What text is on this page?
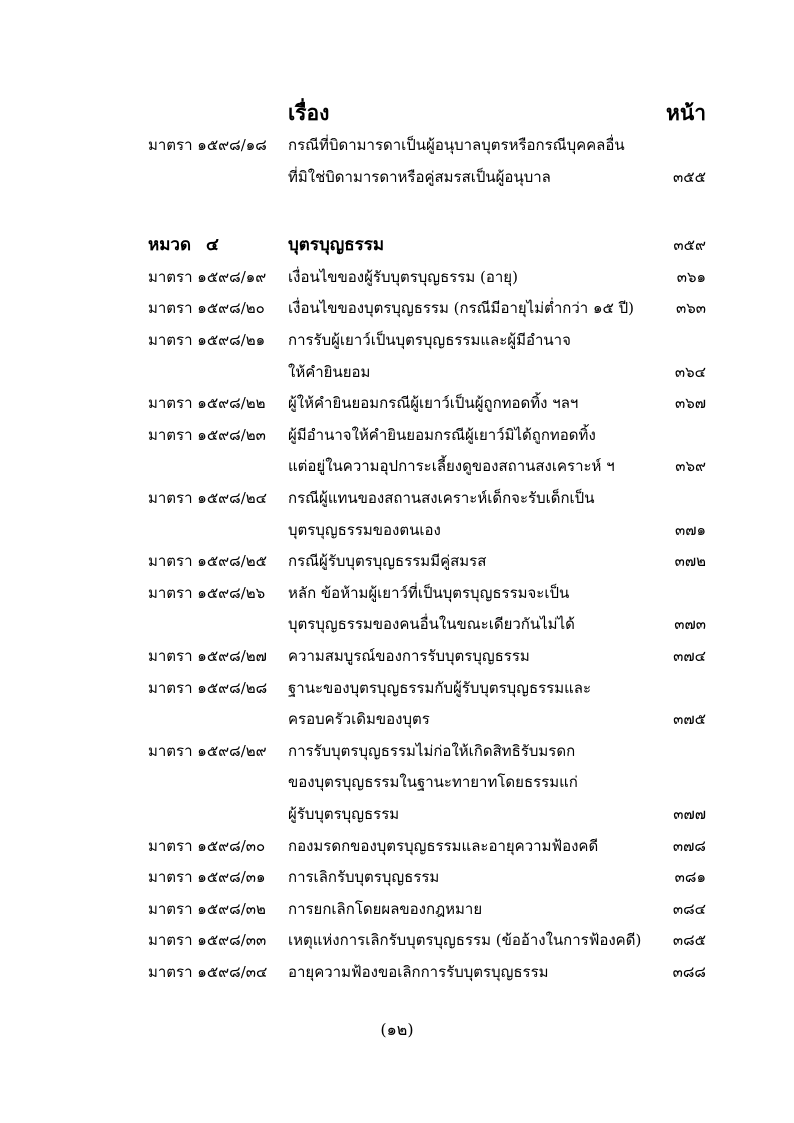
เรื่อง	หน้า
มาตรา ๑๕๙๘/๑๘ กรณีที่บิดามารดาเป็นผู้อนุบาลบุตรหรือกรณีบุคคลอื่น
ที่มิใช่บิดามารดาหรือคู่สมรสเป็นผู้อนุบาล	๓๕๕
หมวด ๔	บุตรบุญธรรม	๓๕๙
มาตรา ๑๕๙๘/๑๙ เงื่อนไขของผู้รับบุตรบุญธรรม (อายุ)	๓๖๑
มาตรา ๑๕๙๘/๒๐ เงื่อนไขของบุตรบุญธรรม (กรณีมีอายุไม่ต่ำกว่า ๑๕ ปี)	๓๖๓
มาตรา ๑๕๙๘/๒๑ การรับผู้เยาว์เป็นบุตรบุญธรรมและผู้มีอำนาจ
ให้คำยินยอม	๓๖๔
มาตรา ๑๕๙๘/๒๒ ผู้ให้คำยินยอมกรณีผู้เยาว์เป็นผู้ถูกทอดทิ้ง ฯลฯ	๓๖๗
มาตรา ๑๕๙๘/๒๓ ผู้มีอำนาจให้คำยินยอมกรณีผู้เยาว์มิได้ถูกทอดทิ้ง
แต่อยู่ในความอุปการะเลี้ยงดูของสถานสงเคราะห์ ฯ	๓๖๙
มาตรา ๑๕๙๘/๒๔ กรณีผู้แทนของสถานสงเคราะห์เด็กจะรับเด็กเป็น
บุตรบุญธรรมของตนเอง	๓๗๑
มาตรา ๑๕๙๘/๒๕ กรณีผู้รับบุตรบุญธรรมมีคู่สมรส	๓๗๒
มาตรา ๑๕๙๘/๒๖ หลัก ข้อห้ามผู้เยาว์ที่เป็นบุตรบุญธรรมจะเป็น
บุตรบุญธรรมของคนอื่นในขณะเดียวกันไม่ได้	๓๗๓
มาตรา ๑๕๙๘/๒๗ ความสมบูรณ์ของการรับบุตรบุญธรรม	๓๗๔
มาตรา ๑๕๙๘/๒๘ ฐานะของบุตรบุญธรรมกับผู้รับบุตรบุญธรรมและ
ครอบครัวเดิมของบุตร	๓๗๕
มาตรา ๑๕๙๘/๒๙ การรับบุตรบุญธรรมไม่ก่อให้เกิดสิทธิรับมรดก
ของบุตรบุญธรรมในฐานะทายาทโดยธรรมแก่
ผู้รับบุตรบุญธรรม	๓๗๗
มาตรา ๑๕๙๘/๓๐ กองมรดกของบุตรบุญธรรมและอายุความฟ้องคดี	๓๗๘
มาตรา ๑๕๙๘/๓๑ การเลิกรับบุตรบุญธรรม	๓๘๑
มาตรา ๑๕๙๘/๓๒ การยกเลิกโดยผลของกฎหมาย	๓๘๔
มาตรา ๑๕๙๘/๓๓ เหตุแห่งการเลิกรับบุตรบุญธรรม (ข้ออ้างในการฟ้องคดี) ๓๘๕
มาตรา ๑๕๙๘/๓๔ อายุความฟ้องขอเลิกการรับบุตรบุญธรรม	๓๘๘
(๑๒)
